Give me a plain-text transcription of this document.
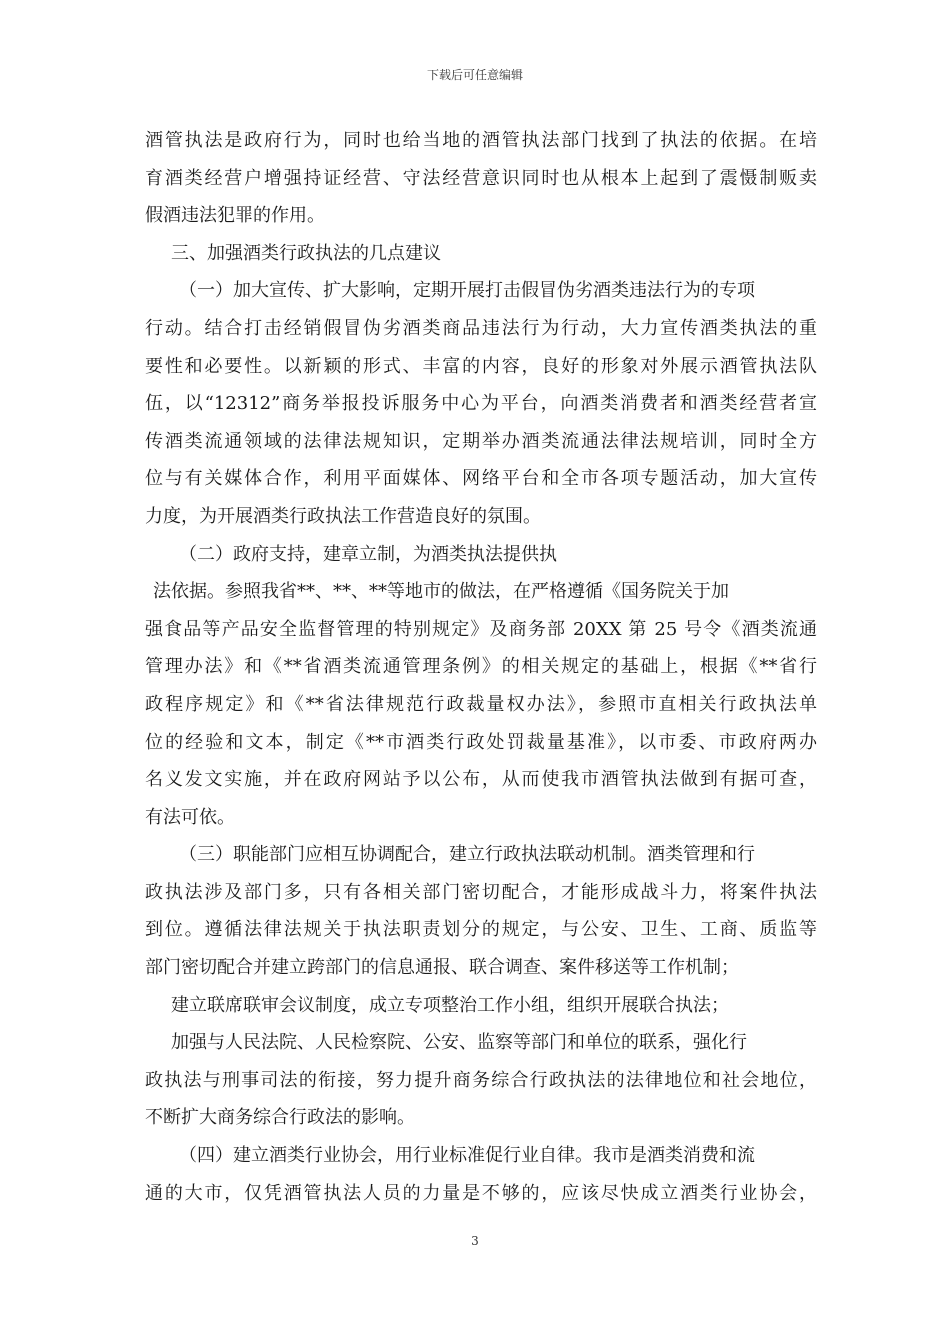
下载后可任意编辑
酒管执法是政府行为，同时也给当地的酒管执法部门找到了执法的依据。在培
育酒类经营户增强持证经营、守法经营意识同时也从根本上起到了震慑制贩卖
假酒违法犯罪的作用。
三、加强酒类行政执法的几点建议
（一）加大宣传、扩大影响，定期开展打击假冒伪劣酒类违法行为的专项
行动。结合打击经销假冒伪劣酒类商品违法行为行动，大力宣传酒类执法的重
要性和必要性。以新颖的形式、丰富的内容，良好的形象对外展示酒管执法队
伍，以“12312”商务举报投诉服务中心为平台，向酒类消费者和酒类经营者宣
传酒类流通领域的法律法规知识，定期举办酒类流通法律法规培训，同时全方
位与有关媒体合作，利用平面媒体、网络平台和全市各项专题活动，加大宣传
力度，为开展酒类行政执法工作营造良好的氛围。
（二）政府支持，建章立制，为酒类执法提供执
法依据。参照我省**、**、**等地市的做法，在严格遵循《国务院关于加
强食品等产品安全监督管理的特别规定》及商务部 20XX 第 25 号令《酒类流通
管理办法》和《**省酒类流通管理条例》的相关规定的基础上，根据《**省行
政程序规定》和《**省法律规范行政裁量权办法》，参照市直相关行政执法单
位的经验和文本，制定《**市酒类行政处罚裁量基准》，以市委、市政府两办
名义发文实施，并在政府网站予以公布，从而使我市酒管执法做到有据可查，
有法可依。
（三）职能部门应相互协调配合，建立行政执法联动机制。酒类管理和行
政执法涉及部门多，只有各相关部门密切配合，才能形成战斗力，将案件执法
到位。遵循法律法规关于执法职责划分的规定，与公安、卫生、工商、质监等
部门密切配合并建立跨部门的信息通报、联合调查、案件移送等工作机制；
建立联席联审会议制度，成立专项整治工作小组，组织开展联合执法；
加强与人民法院、人民检察院、公安、监察等部门和单位的联系，强化行
政执法与刑事司法的衔接，努力提升商务综合行政执法的法律地位和社会地位，
不断扩大商务综合行政法的影响。
（四）建立酒类行业协会，用行业标准促行业自律。我市是酒类消费和流
通的大市，仅凭酒管执法人员的力量是不够的，应该尽快成立酒类行业协会，
3
